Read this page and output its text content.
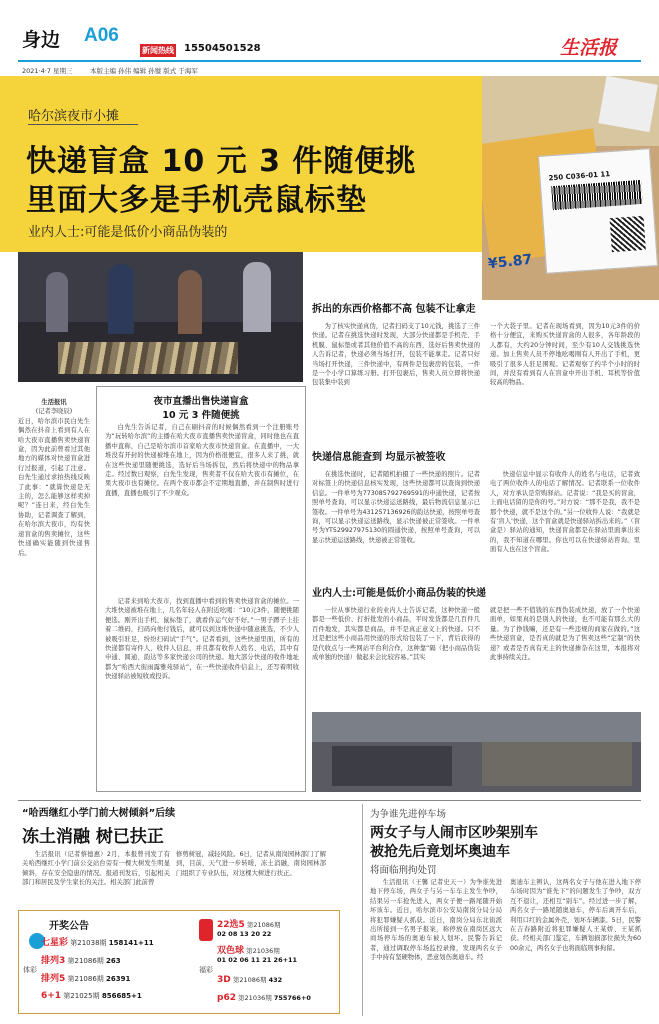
身边 A06
新闻热线 15504501528	生活报
2021·4·7 星期三	本版主编 孙伟 编辑 孙璧 版式 于海军
哈尔滨夜市小摊
快递盲盒 10 元 3 件随便挑
里面大多是手机壳鼠标垫
业内人士:可能是低价小商品伪装的
250 C036-01 11
¥5.87
生活报讯
(记者李晓辰)
近日，哈尔滨市民白先生偶然在抖音上看到有人在哈大夜市直播售卖快递盲盒，因为此前曾看过其他地方的媒体对快递盲盒进行过报道，引起了注意。白先生通过求拍热线反映了此事：“就算快递是无主的，怎么能够这样卖掉呢？”连日来，经白先生协助，记者调查了解到，在哈尔滨大夜市，均有快递盲盒的售卖摊位，这些快递确实能随到快递售后。
夜市直播出售快递盲盒
10 元 3 件随便挑
白先生告诉记者，自己在刷抖音的时候偶然看到一个注册账号为“玩转哈尔滨”的主播在哈大夜市直播售卖快递盲盒，同时他也在直播中直称，自己是哈尔滨市首家哈大夜市快递盲盒。在直播中，一大堆没有开封的快递被堆在地上，因为价格很便宜，很多人来了挑，就在这些快递里随便挑选，选好后当场拆包，然后将快递中的物品拿走。经过数日观察，白先生发现，售卖者不仅在哈大夜市有摊位，在果大夜市也有摊位。在两个夜市都会不定期地直播，并在制售时进行直播，直播也吸引了不少观众。
记者来到哈大夜市，找到直播中看到的售卖快递盲盒的摊位。一大堆快递被堆在地上，几名年轻人在附近吆喝：“10元3件，随便挑随便选。刚开出手机、鼠标垫了，就看你运气好不好。”一男子蹲子上挂着二维码，扫码向他付钱后，就可以到这堆快递中随意挑选，不少人被吸引驻足，纷纷扫码试“手气”。记者看到，这些快递里面，所有的快递都有寄件人、收件人信息，并且都有收件人姓名、电话，其中有申通、圆通、韵达等多家快递公司的快递。地大部分快递的收件地址都为“哈西大街雨露雅苑驿站”，在一些快递收件信息上，还写着明收快递驿站被短收或投诉。
拆出的东西价格都不高 包装不让拿走
为了核实快递真伪，记者扫码支了10元钱，挑选了三件快递。记者在挑选快递时发现，大部分快递都是手机壳、手机膜、鼠标垫或者其他价值不高的东西，选好后售卖快递的人告诉记者，快递必须当场打开，包装不能拿走。记者只好当场打开快递，三件快递中，有两件是包裹房的包装，一件是一个小学口算练习册。打开包裹后，售卖人员立即将快递包装集中装到
一个大袋子里。记者在现场看到，因为10元3件的价格十分便宜，来购买快递盲盒的人很多，各年龄段的人都有，大约20分钟时间，至少有10人交钱挑选快递。加上售卖人员不停地吆喝刚有人开出了手机，更吸引了很多人驻足围观。记者观察了约半个小时的时间，并没有看到有人在盲盒中开出手机、耳机等价值较高的物品。
快递信息能查到 均显示被签收
在挑选快递时，记者随机拍摄了一些快递的照片。记者对标签上的快递信息核实发现，这些快递都可以查询到快递信息。一件单号为773085792769591的申通快递，记者按照单号查询，可以显示快递运送路线，最后物流信息显示已签收。一件单号为431257136926的韵达快递，按照单号查询，可以显示快递运送路线，显示快递被正常签收。一件单号为YT529927975130的圆通快递，按照单号查询，可以显示快递运送路线，快递被正常签收。
快递信息中显示有收件人的姓名与电话，记者致电了两位收件人的电话了解情况。记者联系一位收件人，对方承认是常购驿站。记者说：“我是买的盲盒，上面电话留的是你的号。”对方说：“那不是我，我不是那个快递，就不是这个的。”另一位收件人说：“我就是有‘盲人’快递，这个盲盒就是快递驿站拆出来的。”（盲盒是）驿站的通知，快递盲盒都是在驿站里面拿出来的，我不知道在哪里。你也可以在快递驿站咨询。里面有人也在这个盲盒。
业内人士:可能是低价小商品伪装的快递
一位从事快递行业的业内人士告诉记者，这种快递一般都是一些低价、打折批发的小商品，平时发货都是几百件几百件地发，其实都是商品，并不是真正意义上的快递。只不过是把这些小商品用快递的形式给包装了一下，背后获得的是代收点与一些网站平台利合作，这种靠“隔（把小商品伪装成单独的快递）做起来会比较容易。”其实
就是把一些不值钱的东西伪装成快递，放了一个快递面单，如果真的是别人的快递，也不可能有那么大的量。为了挣钱嘛，还是有一些违规的商家在做的。”这些快递盲盒，是否真的就是为了售卖这些“定制”的快递？或者是否真有无主的快递掺杂在这里，本报将对此事持续关注。
“哈西继红小学门前大树倾斜”后续
冻土消融 树已扶正
生活报讯（记者蔡德惠）2月，本报曾刊发了有关哈西继红小学门前公交站台旁有一棵大树发生明显倾斜，存在安全隐患的情况。报道刊发后，引起相关部门和居民及学生家长的关注。相关部门此前曾
修剪树冠，减轻风险。6日，记者从南岗园林部门了解到，目前，天气进一步转暖，冻土消融，南岗园林部门组织了专业队伍，对这棵大树进行扶正。
开奖公告
体彩	福彩
七星彩 第21038期 158141+11
排列3 第21086期 263
排列5 第21086期 26391
6+1 第21025期 856685+1
22选5 第21086期
02 08 13 20 22
双色球 第21036期
01 02 06 11 21 26+11
3D 第21086期 432
p62 第21036期 755766+0
为争谁先进停车场
两女子与人闹市区吵架别车
被抢先后竟划坏奥迪车
将面临刑拘处罚
生活报讯（王馨 记者史天一）为争谁先进地下停车场，两女子与另一车车主发生争吵，结果另一车抢先进入，两女子便一路尾随开始坏该车。近日，哈尔滨市公安局南岗分局分局将犯罪嫌疑人抓获。近日，南岗分局东北街派出所接到一名男子报案，称停放在南岗区远大商场停车场的奥迪车被人划坏。民警告诉记者，通过调取停车场监控录像，发现两名女子手中持有坚硬物体，恶意划伤奥迪车。经
奥迪车主辨认，这两名女子与他在进入地下停车场时因为“谁先下”的问题发生了争吵，双方互不退让，还相互“别车”。经过进一步了解，两名女子一路尾随奥迪车，停车后离开车后，利用口红的金属外壳，划坏车辆漆。5日，民警在吉春路附近将犯罪嫌疑人王某娇、王某抓获。经相关部门鉴定，车辆划损部位损失为6000余元，两名女子也将面临刑事拘留。
